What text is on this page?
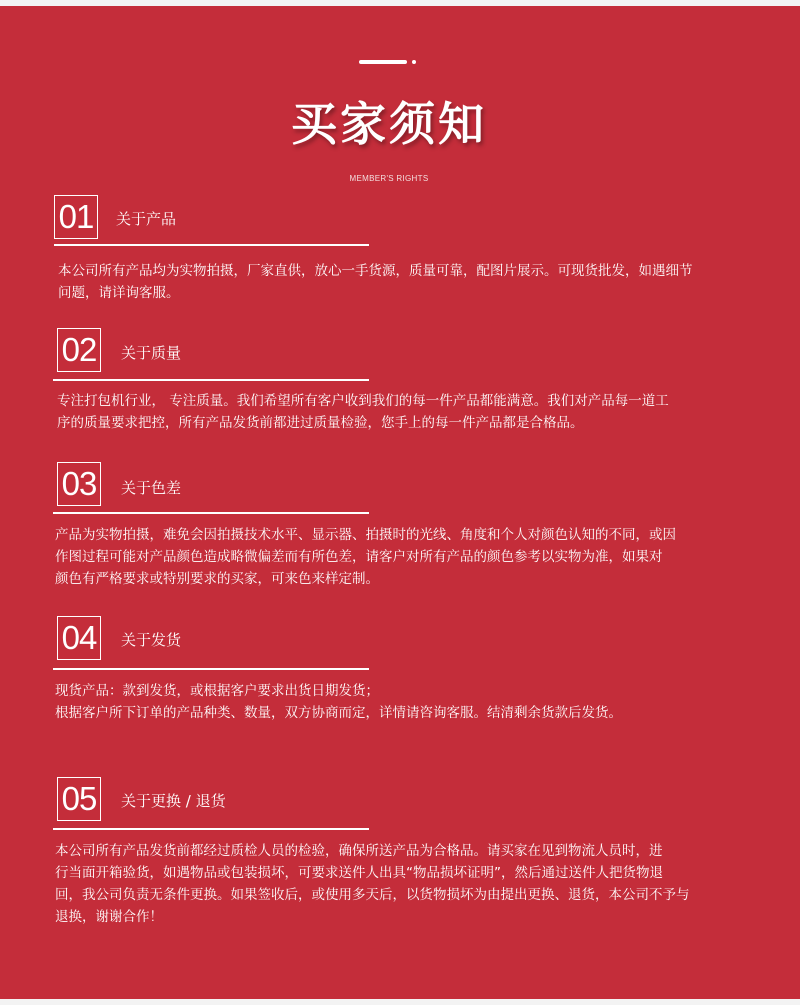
买家须知
MEMBER'S RIGHTS
01	关于产品

本公司所有产品均为实物拍摄，厂家直供，放心一手货源，质量可靠，配图片展示。可现货批发，如遇细节

问题，请详询客服。

02	关于质量

专注打包机行业， 专注质量。我们希望所有客户收到我们的每一件产品都能满意。我们对产品每一道工

序的质量要求把控，所有产品发货前都进过质量检验，您手上的每一件产品都是合格品。

03	关于色差

产品为实物拍摄，难免会因拍摄技术水平、显示器、拍摄时的光线、角度和个人对颜色认知的不同，或因

作图过程可能对产品颜色造成略微偏差而有所色差，请客户对所有产品的颜色参考以实物为准，如果对

颜色有严格要求或特别要求的买家，可来色来样定制。

04	关于发货

现货产品：款到发货，或根据客户要求出货日期发货；

根据客户所下订单的产品种类、数量，双方协商而定，详情请咨询客服。结清剩余货款后发货。

05	关于更换 / 退货

本公司所有产品发货前都经过质检人员的检验，确保所送产品为合格品。请买家在见到物流人员时，进

行当面开箱验货，如遇物品或包装损坏，可要求送件人出具“物品损坏证明”，然后通过送件人把货物退

回，我公司负责无条件更换。如果签收后，或使用多天后，以货物损坏为由提出更换、退货，本公司不予与

退换，谢谢合作！
